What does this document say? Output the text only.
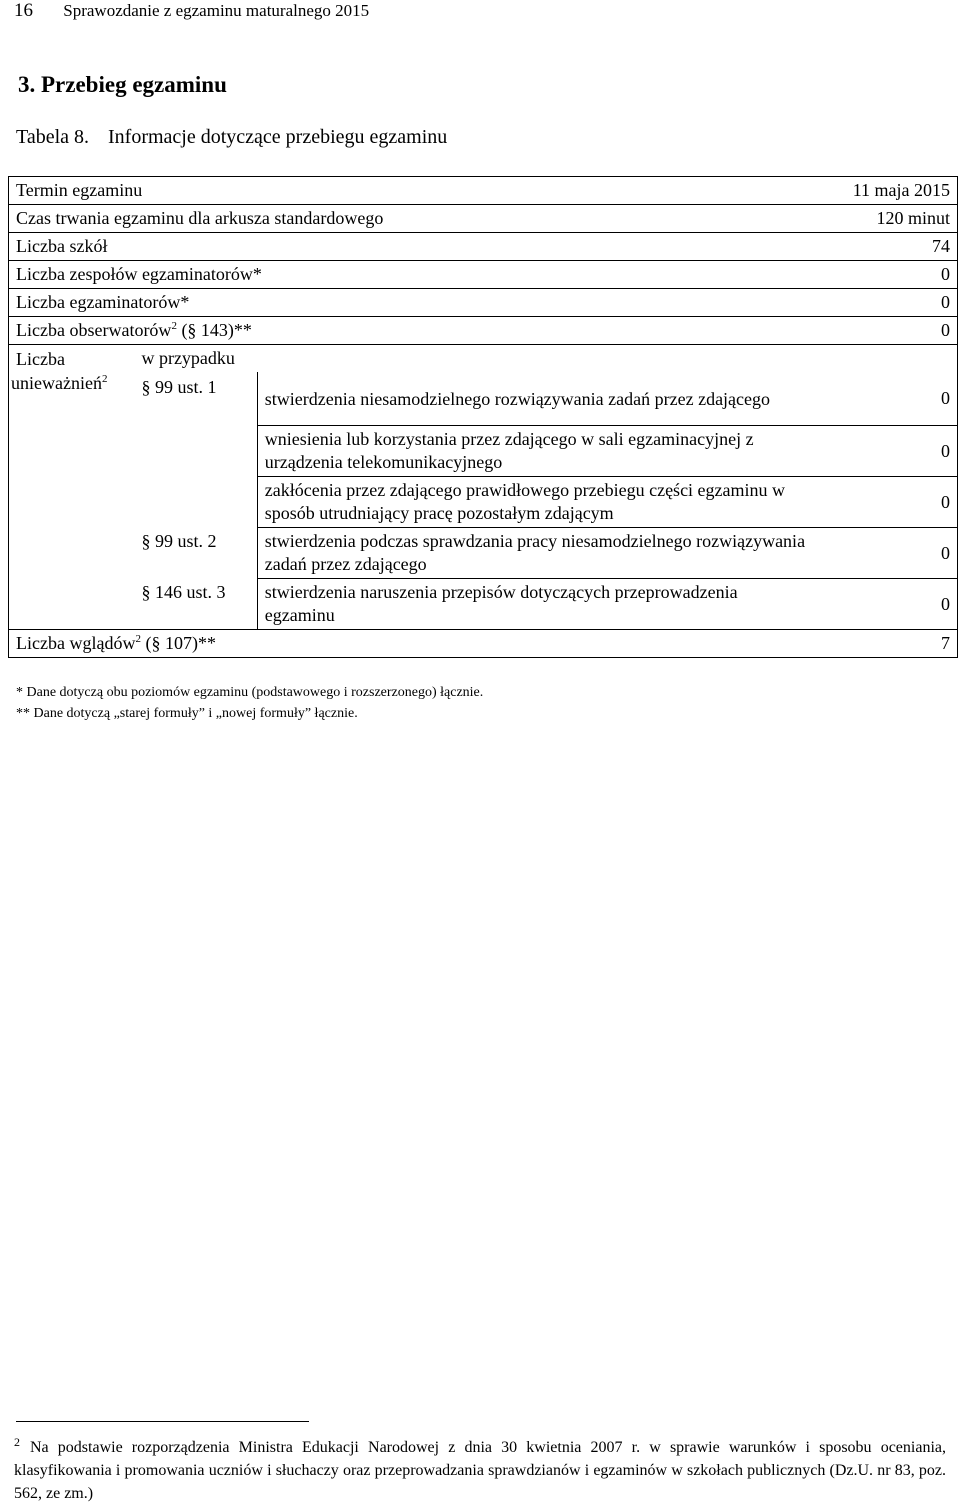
16 Sprawozdanie z egzaminu maturalnego 2015
3. Przebieg egzaminu
Tabela 8. Informacje dotyczące przebiegu egzaminu
Termin egzaminu			11 maja 2015
Czas trwania egzaminu dla arkusza standardowego			120 minut
Liczba szkół			74
Liczba zespołów egzaminatorów*			0
Liczba egzaminatorów*			0
Liczba obserwatorów$^2$ (§ 143)**			0

Liczba
unieważnień$^2$	w przypadku		
	§ 99 ust. 1	stwierdzenia niesamodzielnego rozwiązywania zadań przez zdającego	0
		wniesienia lub korzystania przez zdającego w sali egzaminacyjnej z urządzenia telekomunikacyjnego	0
		zakłócenia przez zdającego prawidłowego przebiegu części egzaminu w sposób utrudniający pracę pozostałym zdającym	0
	§ 99 ust. 2	stwierdzenia podczas sprawdzania pracy niesamodzielnego rozwiązywania zadań przez zdającego	0
	§ 146 ust. 3	stwierdzenia naruszenia przepisów dotyczących przeprowadzenia egzaminu	0
Liczba wglądów$^2$ (§ 107)**			7
* Dane dotyczą obu poziomów egzaminu (podstawowego i rozszerzonego) łącznie.
** Dane dotyczą „starej formuły” i „nowej formuły” łącznie.
$^2$ Na podstawie rozporządzenia Ministra Edukacji Narodowej z dnia 30 kwietnia 2007 r. w sprawie warunków i sposobu oceniania, klasyfikowania i promowania uczniów i słuchaczy oraz przeprowadzania sprawdzianów i egzaminów w szkołach publicznych (Dz.U. nr 83, poz. 562, ze zm.)
